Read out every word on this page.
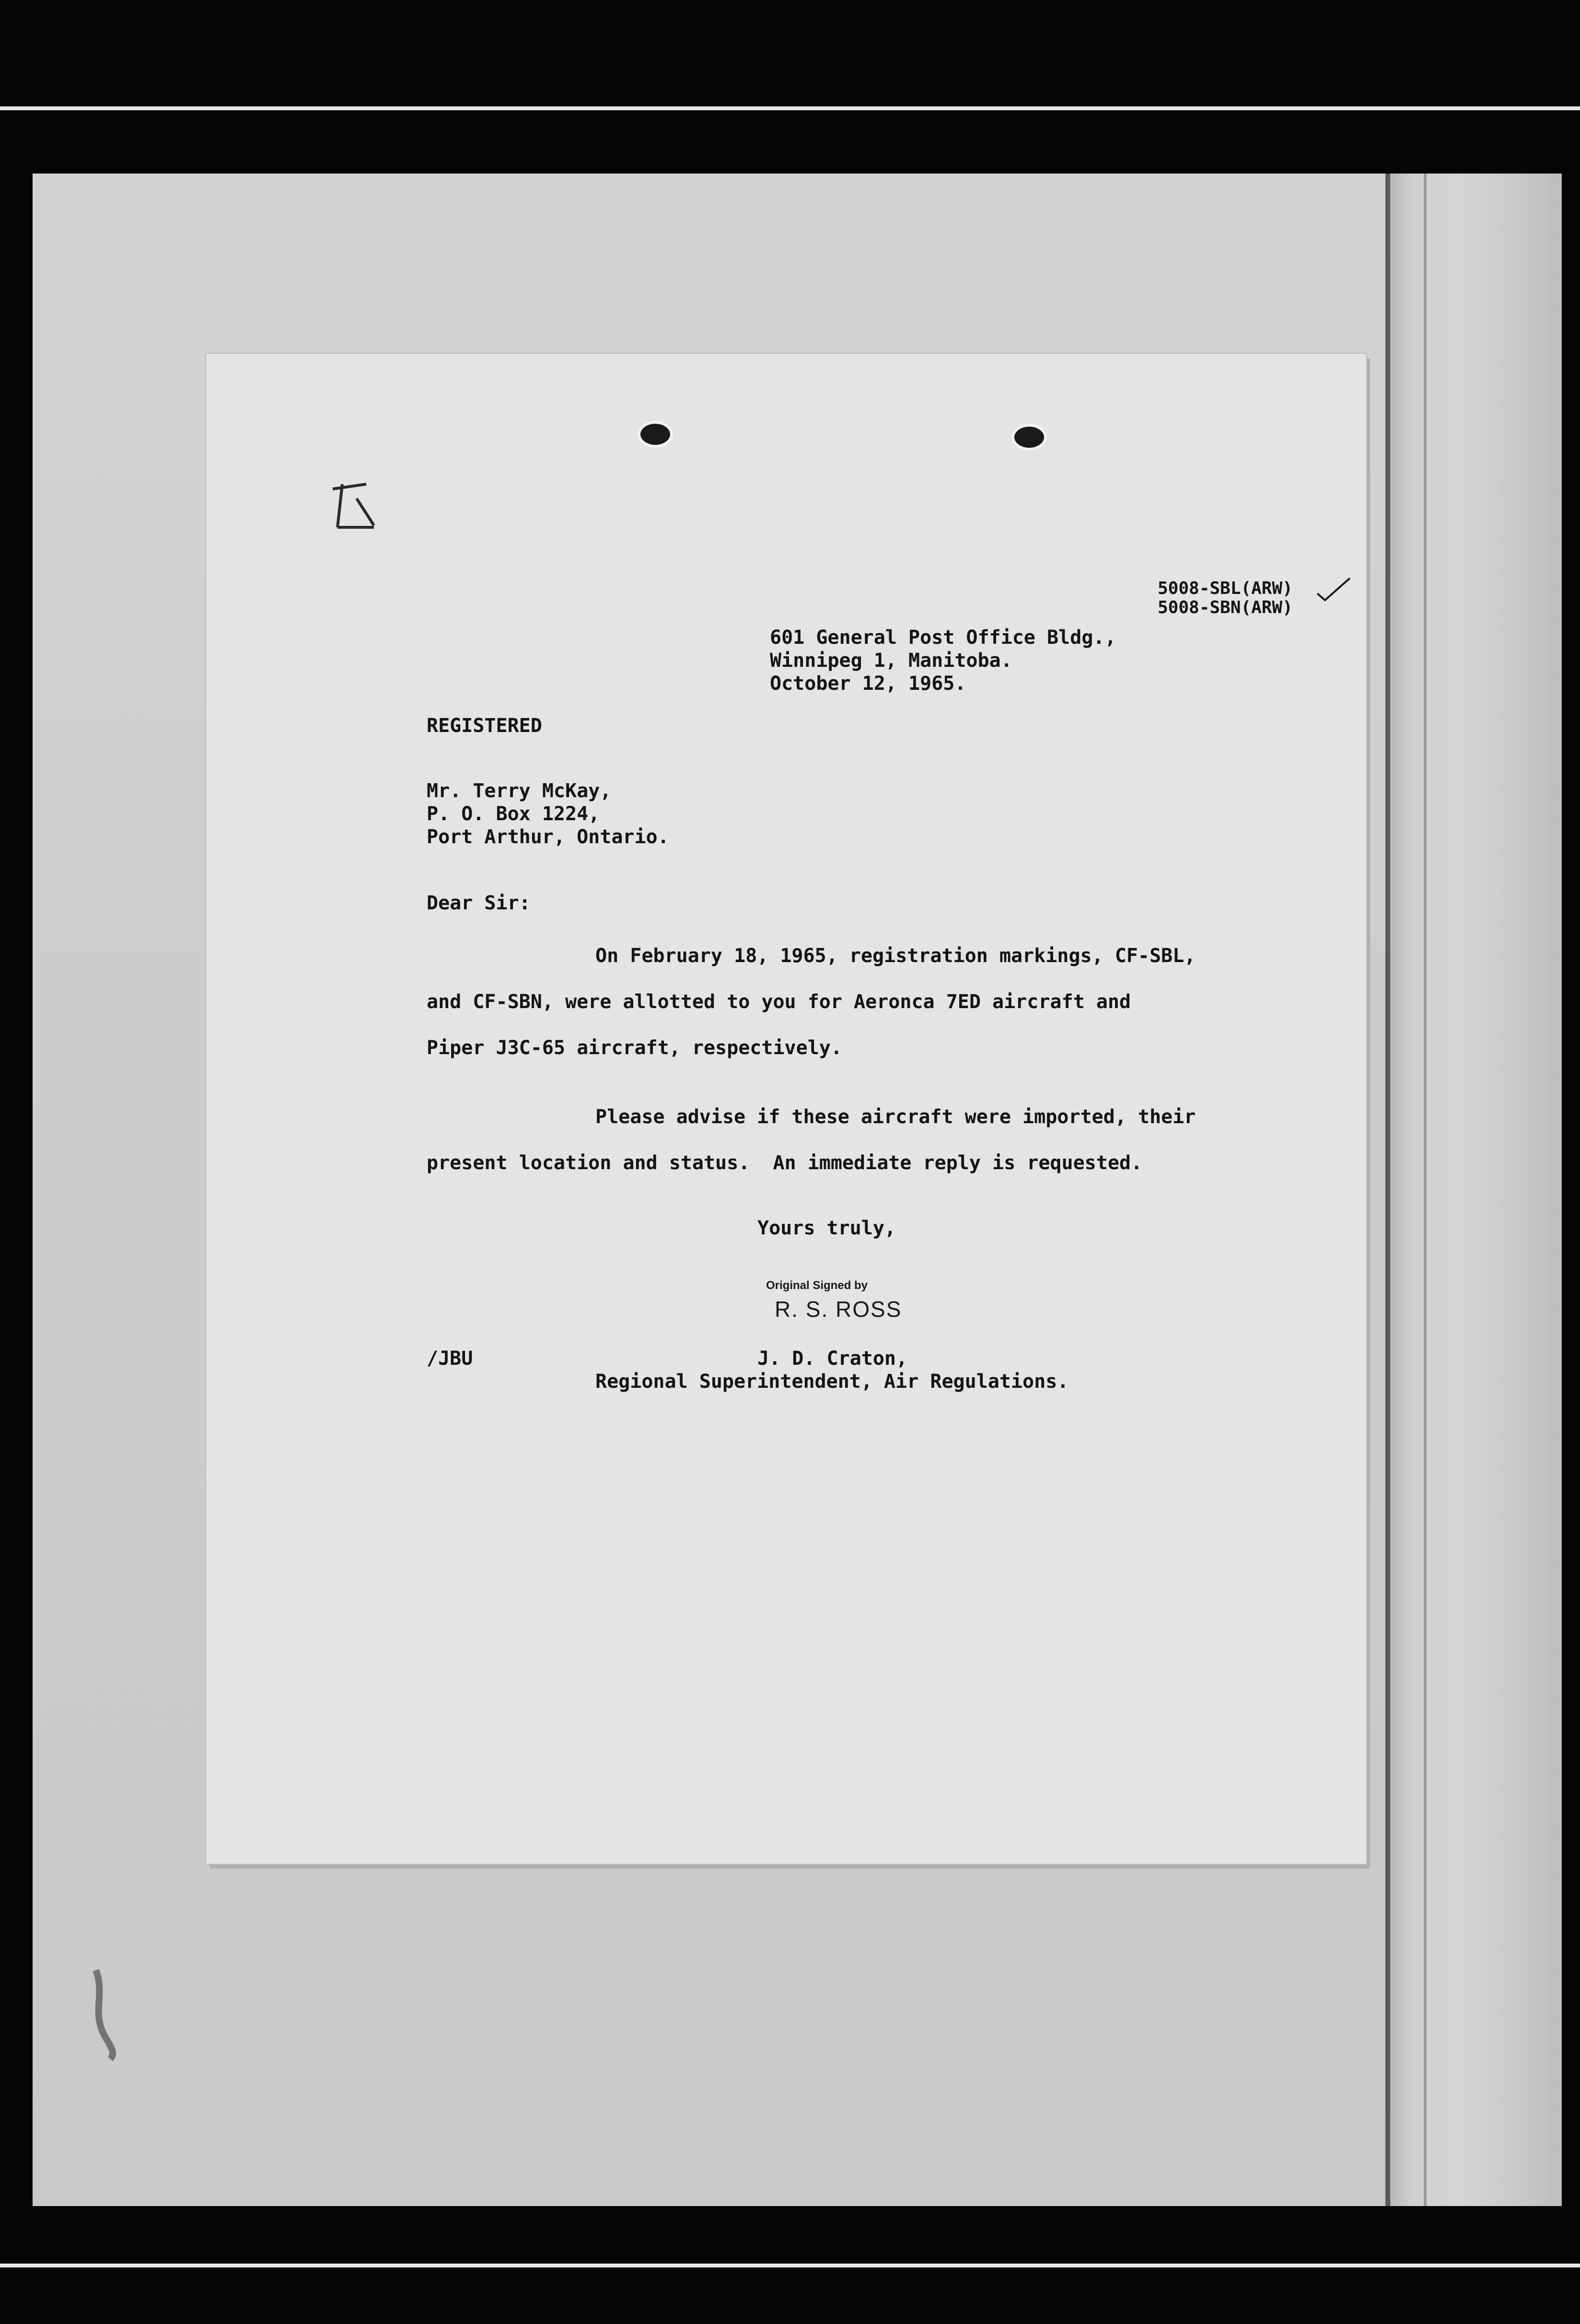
5008-SBL(ARW)
5008-SBN(ARW)
601 General Post Office Bldg.,
Winnipeg 1, Manitoba.
October 12, 1965.
REGISTERED
Mr. Terry McKay,
P. O. Box 1224,
Port Arthur, Ontario.
Dear Sir:
On February 18, 1965, registration markings, CF-SBL,
and CF-SBN, were allotted to you for Aeronca 7ED aircraft and
Piper J3C-65 aircraft, respectively.
Please advise if these aircraft were imported, their
present location and status.  An immediate reply is requested.
Yours truly,
Original Signed by
R. S. ROSS
/JBU	J. D. Craton,
Regional Superintendent, Air Regulations.
